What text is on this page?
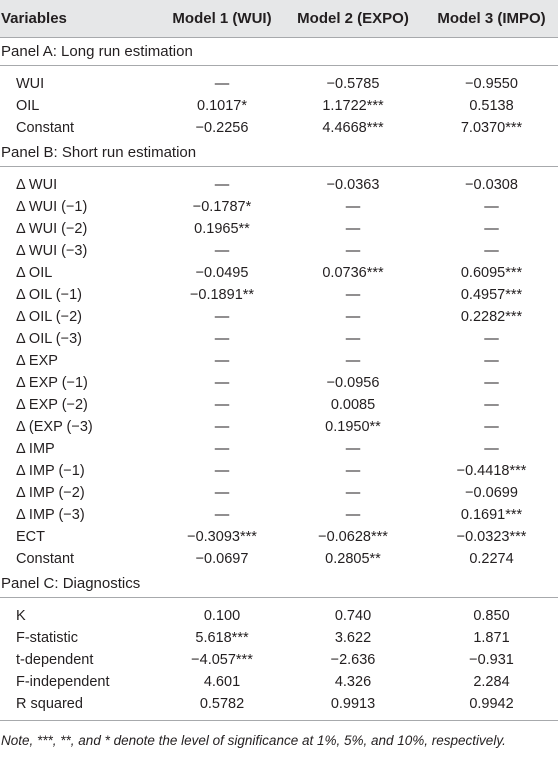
Variables	Model 1 (WUI)	Model 2 (EXPO)	Model 3 (IMPO)
Panel A: Long run estimation
WUI	—	−0.5785	−0.9550
OIL	0.1017*	1.1722***	0.5138
Constant	−0.2256	4.4668***	7.0370***
Panel B: Short run estimation
Δ WUI	—	−0.0363	−0.0308
Δ WUI (−1)	−0.1787*	—	—
Δ WUI (−2)	0.1965**	—	—
Δ WUI (−3)	—	—	—
Δ OIL	−0.0495	0.0736***	0.6095***
Δ OIL (−1)	−0.1891**	—	0.4957***
Δ OIL (−2)	—	—	0.2282***
Δ OIL (−3)	—	—	—
Δ EXP	—	—	—
Δ EXP (−1)	—	−0.0956	—
Δ EXP (−2)	—	0.0085	—
Δ (EXP (−3)	—	0.1950**	—
Δ IMP	—	—	—
Δ IMP (−1)	—	—	−0.4418***
Δ IMP (−2)	—	—	−0.0699
Δ IMP (−3)	—	—	0.1691***
ECT	−0.3093***	−0.0628***	−0.0323***
Constant	−0.0697	0.2805**	0.2274
Panel C: Diagnostics
K	0.100	0.740	0.850
F-statistic	5.618***	3.622	1.871
t-dependent	−4.057***	−2.636	−0.931
F-independent	4.601	4.326	2.284
R squared	0.5782	0.9913	0.9942
Note, ***, **, and * denote the level of significance at 1%, 5%, and 10%, respectively.
